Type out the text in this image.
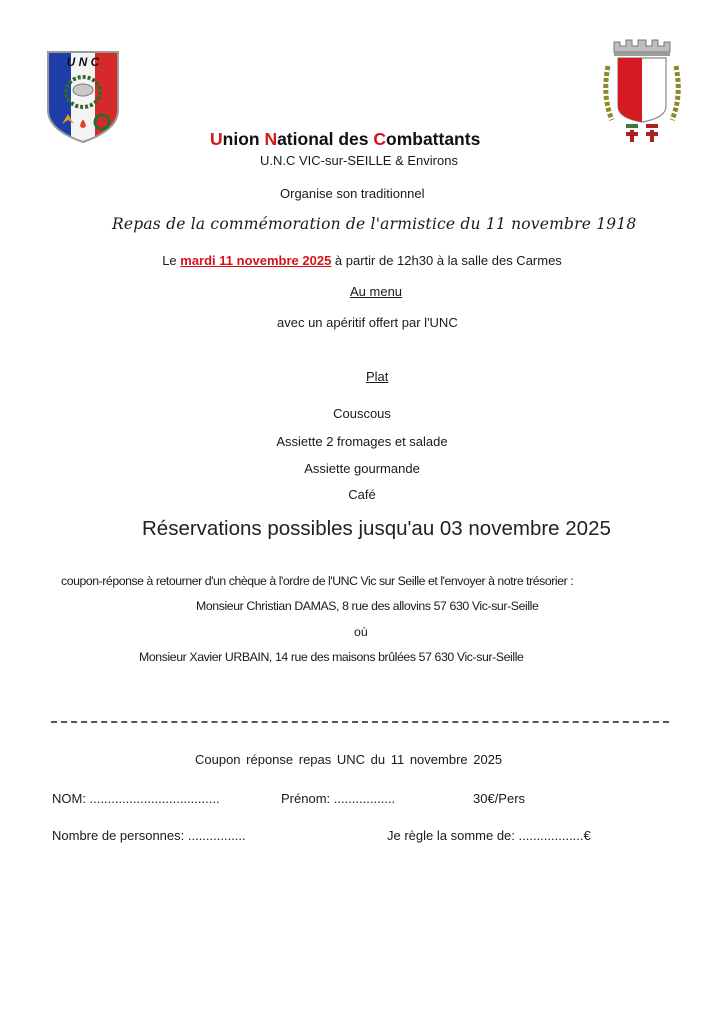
U N C
Union National des Combattants
U.N.C VIC-sur-SEILLE & Environs
Organise son traditionnel
Repas de la commémoration de l'armistice du 11 novembre 1918
Le mardi 11 novembre 2025 à partir de 12h30 à la salle des Carmes
Au menu
avec un apéritif offert par l'UNC
Plat
Couscous
Assiette 2 fromages et salade
Assiette gourmande
Café
Réservations possibles jusqu'au 03 novembre 2025
coupon-réponse à retourner d'un chèque à l'ordre de l'UNC Vic sur Seille et l'envoyer à notre trésorier :
Monsieur Christian DAMAS, 8 rue des allovins 57 630 Vic-sur-Seille
où
Monsieur Xavier URBAIN, 14 rue des maisons brûlées 57 630 Vic-sur-Seille
Coupon réponse repas UNC du 11 novembre 2025
NOM: ....................................	Prénom: .................	30€/Pers
Nombre de personnes: ................	Je règle la somme de: ..................€
